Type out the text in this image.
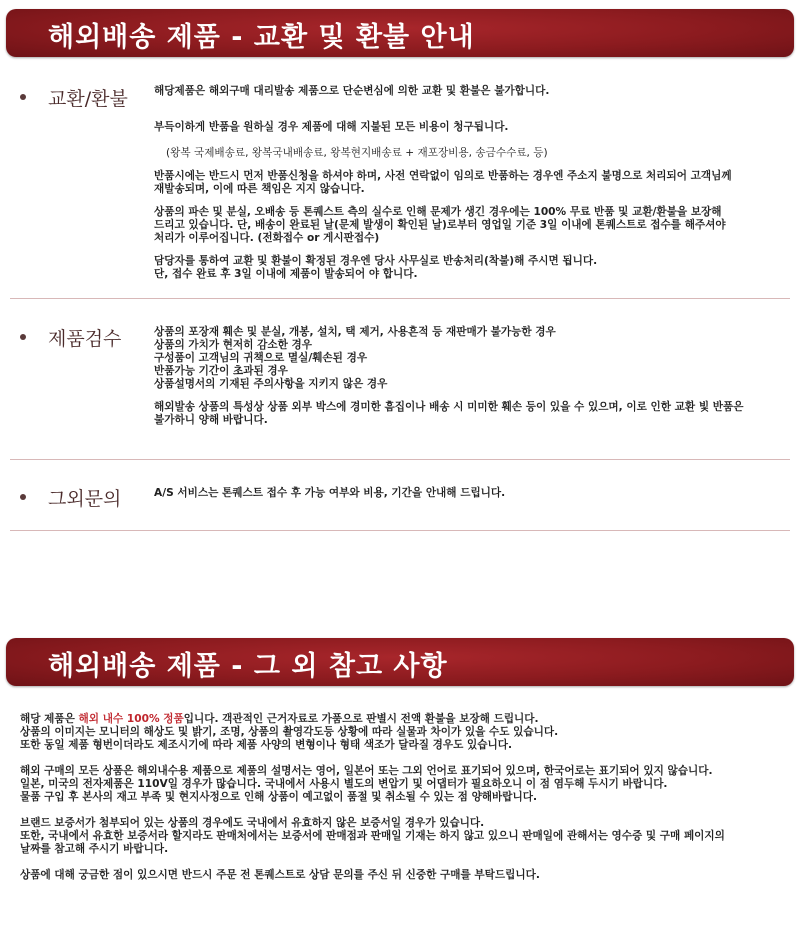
해외배송 제품 - 교환 및 환불 안내
교환/환불 해당제품은 해외구매 대리발송 제품으로 단순변심에 의한 교환 및 환불은 불가합니다.

부득이하게 반품을 원하실 경우 제품에 대해 지불된 모든 비용이 청구됩니다.

(왕복 국제배송료, 왕복국내배송료, 왕복현지배송료 + 재포장비용, 송금수수료, 등)

반품시에는 반드시 먼저 반품신청을 하셔야 하며, 사전 연락없이 임의로 반품하는 경우엔 주소지 불명으로 처리되어 고객님께
재발송되며, 이에 따른 책임은 지지 않습니다.

상품의 파손 및 분실, 오배송 등 톤퀘스트 측의 실수로 인해 문제가 생긴 경우에는 100% 무료 반품 및 교환/환불을 보장해
드리고 있습니다. 단, 배송이 완료된 날(문제 발생이 확인된 날)로부터 영업일 기준 3일 이내에 톤퀘스트로 접수를 해주셔야
처리가 이루어집니다. (전화접수 or 게시판접수)

담당자를 통하여 교환 및 환불이 확정된 경우엔 당사 사무실로 반송처리(착불)해 주시면 됩니다.
단, 접수 완료 후 3일 이내에 제품이 발송되어 야 합니다.

제품검수	상품의 포장재 훼손 및 분실, 개봉, 설치, 택 제거, 사용흔적 등 재판매가 불가능한 경우
상품의 가치가 현저히 감소한 경우
구성품이 고객님의 귀책으로 멸실/훼손된 경우
반품가능 기간이 초과된 경우
상품설명서의 기재된 주의사항을 지키지 않은 경우

해외발송 상품의 특성상 상품 외부 박스에 경미한 흠집이나 배송 시 미미한 훼손 등이 있을 수 있으며, 이로 인한 교환 빛 반품은
불가하니 양해 바랍니다.

그외문의	A/S 서비스는 톤퀘스트 접수 후 가능 여부와 비용, 기간을 안내해 드립니다.

해외배송 제품 - 그 외 참고 사항

해당 제품은 해외 내수 100% 정품입니다. 객관적인 근거자료로 가품으로 판별시 전액 환불을 보장해 드립니다.
상품의 이미지는 모니터의 해상도 및 밝기, 조명, 상품의 촬영각도등 상황에 따라 실물과 차이가 있을 수도 있습니다.
또한 동일 제품 형번이더라도 제조시기에 따라 제품 사양의 변형이나 형태 색조가 달라질 경우도 있습니다.

해외 구매의 모든 상품은 해외내수용 제품으로 제품의 설명서는 영어, 일본어 또는 그외 언어로 표기되어 있으며, 한국어로는 표기되어 있지 않습니다.
일본, 미국의 전자제품은 110V일 경우가 많습니다. 국내에서 사용시 별도의 변압기 및 어댑터가 필요하오니 이 점 염두해 두시기 바랍니다.
물품 구입 후 본사의 재고 부족 및 현지사정으로 인해 상품이 예고없이 품절 및 취소될 수 있는 점 양해바랍니다.

브랜드 보증서가 첨부되어 있는 상품의 경우에도 국내에서 유효하지 않은 보증서일 경우가 있습니다.
또한, 국내에서 유효한 보증서라 할지라도 판매처에서는 보증서에 판매점과 판매일 기재는 하지 않고 있으니 판매일에 관해서는 영수증 및 구매 페이지의
날짜를 참고해 주시기 바랍니다.

상품에 대해 궁금한 점이 있으시면 반드시 주문 전 톤퀘스트로 상담 문의를 주신 뒤 신중한 구매를 부탁드립니다.
